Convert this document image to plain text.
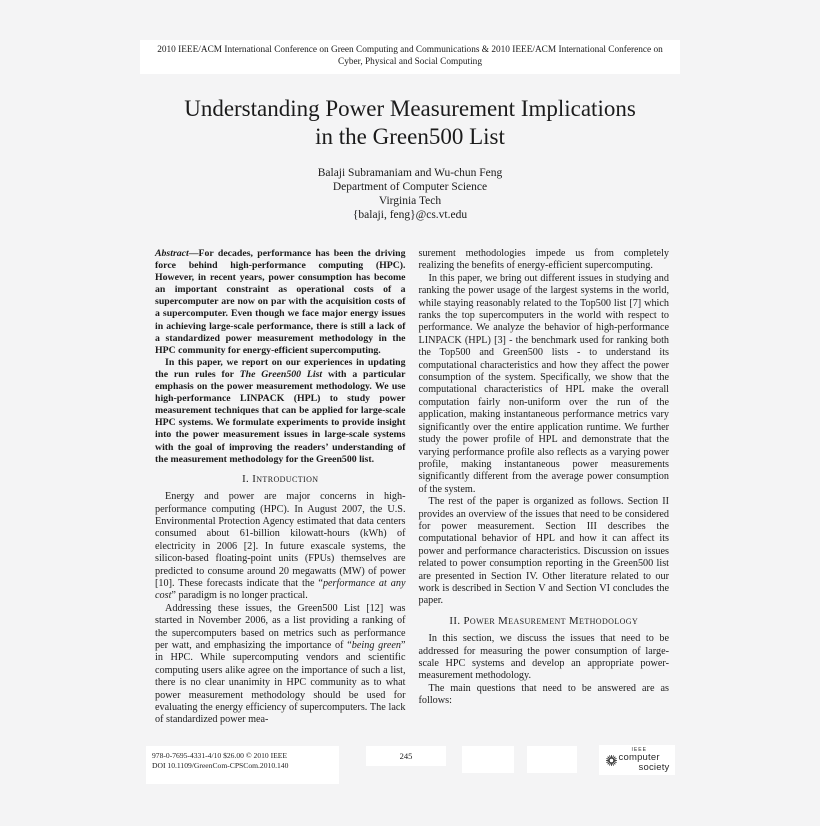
2010 IEEE/ACM International Conference on Green Computing and Communications & 2010 IEEE/ACM International Conference on Cyber, Physical and Social Computing
Understanding Power Measurement Implications
in the Green500 List
Balaji Subramaniam and Wu-chun Feng
Department of Computer Science
Virginia Tech
{balaji, feng}@cs.vt.edu

Abstract—For decades, performance has been the driving force behind high-performance computing (HPC). However, in recent years, power consumption has become an important constraint as operational costs of a supercomputer are now on par with the acquisition costs of a supercomputer. Even though we face major energy issues in achieving large-scale performance, there is still a lack of a standardized power measurement methodology in the HPC community for energy-efficient supercomputing.

In this paper, we report on our experiences in updating the run rules for The Green500 List with a particular emphasis on the power measurement methodology. We use high-performance LINPACK (HPL) to study power measurement techniques that can be applied for large-scale HPC systems. We formulate experiments to provide insight into the power measurement issues in large-scale systems with the goal of improving the readers’ understanding of the measurement methodology for the Green500 list.

I. Introduction

Energy and power are major concerns in high-performance computing (HPC). In August 2007, the U.S. Environmental Protection Agency estimated that data centers consumed about 61-billion kilowatt-hours (kWh) of electricity in 2006 [2]. In future exascale systems, the silicon-based floating-point units (FPUs) themselves are predicted to consume around 20 megawatts (MW) of power [10]. These forecasts indicate that the “performance at any cost” paradigm is no longer practical.

Addressing these issues, the Green500 List [12] was started in November 2006, as a list providing a ranking of the supercomputers based on metrics such as performance per watt, and emphasizing the importance of “being green” in HPC. While supercomputing vendors and scientific computing users alike agree on the importance of such a list, there is no clear unanimity in HPC community as to what power measurement methodology should be used for evaluating the energy efficiency of supercomputers. The lack of standardized power mea-

surement methodologies impede us from completely realizing the benefits of energy-efficient supercomputing.

In this paper, we bring out different issues in studying and ranking the power usage of the largest systems in the world, while staying reasonably related to the Top500 list [7] which ranks the top supercomputers in the world with respect to performance. We analyze the behavior of high-performance LINPACK (HPL) [3] - the benchmark used for ranking both the Top500 and Green500 lists - to understand its computational characteristics and how they affect the power consumption of the system. Specifically, we show that the computational characteristics of HPL make the overall computation fairly non-uniform over the run of the application, making instantaneous performance metrics vary significantly over the entire application runtime. We further study the power profile of HPL and demonstrate that the varying performance profile also reflects as a varying power profile, making instantaneous power measurements significantly different from the average power consumption of the system.

The rest of the paper is organized as follows. Section II provides an overview of the issues that need to be considered for power measurement. Section III describes the computational behavior of HPL and how it can affect its power and performance characteristics. Discussion on issues related to power consumption reporting in the Green500 list are presented in Section IV. Other literature related to our work is described in Section V and Section VI concludes the paper.

II. Power Measurement Methodology

In this section, we discuss the issues that need to be addressed for measuring the power consumption of large-scale HPC systems and develop an appropriate power-measurement methodology.

The main questions that need to be answered are as follows:

978-0-7695-4331-4/10 $26.00 © 2010 IEEE
DOI 10.1109/GreenCom-CPSCom.2010.140
245
IEEE
computer
society
